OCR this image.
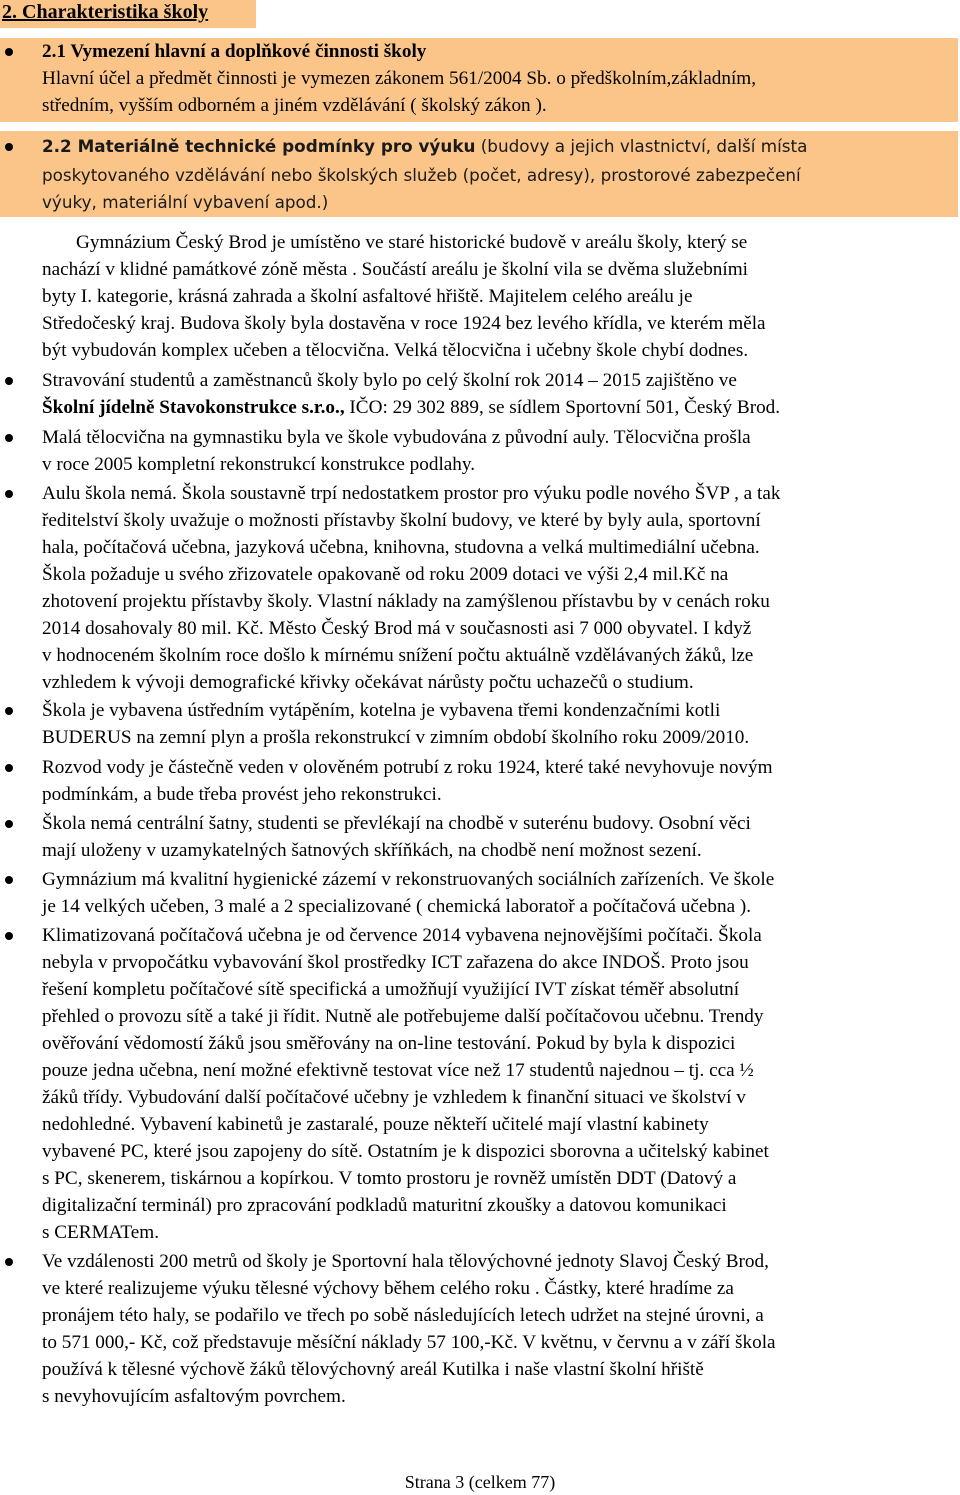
2. Charakteristika školy
2.1 Vymezení hlavní a doplňkové činnosti školy
Hlavní účel a předmět činnosti je vymezen zákonem 561/2004 Sb. o předškolním,základním,
středním, vyšším odborném a jiném vzdělávání ( školský zákon ).
2.2 Materiálně technické podmínky pro výuku (budovy a jejich vlastnictví, další místa
poskytovaného vzdělávání nebo školských služeb (počet, adresy), prostorové zabezpečení
výuky, materiální vybavení apod.)
Gymnázium Český Brod je umístěno ve staré historické budově v areálu školy, který se
nachází v klidné památkové zóně města . Součástí areálu je školní vila se dvěma služebními
byty I. kategorie, krásná zahrada a školní asfaltové hřiště. Majitelem celého areálu je
Středočeský kraj. Budova školy byla dostavěna v roce 1924 bez levého křídla, ve kterém měla
být vybudován komplex učeben a tělocvična. Velká tělocvična i učebny škole chybí dodnes.
Stravování studentů a zaměstnanců školy bylo po celý školní rok 2014 – 2015 zajištěno ve
Školní jídelně Stavokonstrukce s.r.o., IČO: 29 302 889, se sídlem Sportovní 501, Český Brod.
Malá tělocvična na gymnastiku byla ve škole vybudována z původní auly. Tělocvična prošla
v roce 2005 kompletní rekonstrukcí konstrukce podlahy.
Aulu škola nemá. Škola soustavně trpí nedostatkem prostor pro výuku podle nového ŠVP , a tak
ředitelství školy uvažuje o možnosti přístavby školní budovy, ve které by byly aula, sportovní
hala, počítačová učebna, jazyková učebna, knihovna, studovna a velká multimediální učebna.
Škola požaduje u svého zřizovatele opakovaně od roku 2009 dotaci ve výši 2,4 mil.Kč na
zhotovení projektu přístavby školy. Vlastní náklady na zamýšlenou přístavbu by v cenách roku
2014 dosahovaly 80 mil. Kč. Město Český Brod má v současnosti asi 7 000 obyvatel. I když
v hodnoceném školním roce došlo k mírnému snížení počtu aktuálně vzdělávaných žáků, lze
vzhledem k vývoji demografické křivky očekávat nárůsty počtu uchazečů o studium.
Škola je vybavena ústředním vytápěním, kotelna je vybavena třemi kondenzačními kotli
BUDERUS na zemní plyn a prošla rekonstrukcí v zimním období školního roku 2009/2010.
Rozvod vody je částečně veden v olověném potrubí z roku 1924, které také nevyhovuje novým
podmínkám, a bude třeba provést jeho rekonstrukci.
Škola nemá centrální šatny, studenti se převlékají na chodbě v suterénu budovy. Osobní věci
mají uloženy v uzamykatelných šatnových skříňkách, na chodbě není možnost sezení.
Gymnázium má kvalitní hygienické zázemí v rekonstruovaných sociálních zařízeních. Ve škole
je 14 velkých učeben, 3 malé a 2 specializované ( chemická laboratoř a počítačová učebna ).
Klimatizovaná počítačová učebna je od července 2014 vybavena nejnovějšími počítači. Škola
nebyla v prvopočátku vybavování škol prostředky ICT zařazena do akce INDOŠ. Proto jsou
řešení kompletu počítačové sítě specifická a umožňují využijící IVT získat téměř absolutní
přehled o provozu sítě a také ji řídit. Nutně ale potřebujeme další počítačovou učebnu. Trendy
ověřování vědomostí žáků jsou směřovány na on-line testování. Pokud by byla k dispozici
pouze jedna učebna, není možné efektivně testovat více než 17 studentů najednou – tj. cca ½
žáků třídy. Vybudování další počítačové učebny je vzhledem k finanční situaci ve školství v
nedohledné. Vybavení kabinetů je zastaralé, pouze někteří učitelé mají vlastní kabinety
vybavené PC, které jsou zapojeny do sítě. Ostatním je k dispozici sborovna a učitelský kabinet
s PC, skenerem, tiskárnou a kopírkou. V tomto prostoru je rovněž umístěn DDT (Datový a
digitalizační terminál) pro zpracování podkladů maturitní zkoušky a datovou komunikaci
s CERMATem.
Ve vzdálenosti 200 metrů od školy je Sportovní hala tělovýchovné jednoty Slavoj Český Brod,
ve které realizujeme výuku tělesné výchovy během celého roku . Částky, které hradíme za
pronájem této haly, se podařilo ve třech po sobě následujících letech udržet na stejné úrovni, a
to 571 000,- Kč, což představuje měsíční náklady 57 100,-Kč. V květnu, v červnu a v září škola
používá k tělesné výchově žáků tělovýchovný areál Kutilka i naše vlastní školní hřiště
s nevyhovujícím asfaltovým povrchem.
Strana 3 (celkem 77)
